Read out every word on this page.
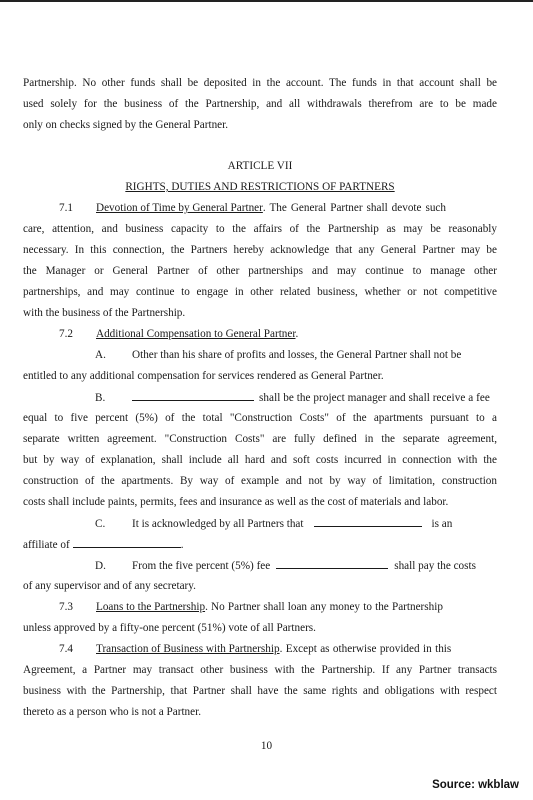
Partnership. No other funds shall be deposited in the account. The funds in that account shall be
used solely for the business of the Partnership, and all withdrawals therefrom are to be made
only on checks signed by the General Partner.
ARTICLE VII
RIGHTS, DUTIES AND RESTRICTIONS OF PARTNERS
7.1 Devotion of Time by General Partner. The General Partner shall devote such
care, attention, and business capacity to the affairs of the Partnership as may be reasonably
necessary. In this connection, the Partners hereby acknowledge that any General Partner may be
the Manager or General Partner of other partnerships and may continue to manage other
partnerships, and may continue to engage in other related business, whether or not competitive
with the business of the Partnership.
7.2 Additional Compensation to General Partner.
A. Other than his share of profits and losses, the General Partner shall not be
entitled to any additional compensation for services rendered as General Partner.
B.	shall be the project manager and shall receive a fee
equal to five percent (5%) of the total "Construction Costs" of the apartments pursuant to a
separate written agreement. "Construction Costs" are fully defined in the separate agreement,
but by way of explanation, shall include all hard and soft costs incurred in connection with the
construction of the apartments. By way of example and not by way of limitation, construction
costs shall include paints, permits, fees and insurance as well as the cost of materials and labor.
C. It is acknowledged by all Partners that	is an
affiliate of	.
D. From the five percent (5%) fee	shall pay the costs
of any supervisor and of any secretary.
7.3 Loans to the Partnership. No Partner shall loan any money to the Partnership
unless approved by a fifty-one percent (51%) vote of all Partners.
7.4 Transaction of Business with Partnership. Except as otherwise provided in this
Agreement, a Partner may transact other business with the Partnership. If any Partner transacts
business with the Partnership, that Partner shall have the same rights and obligations with respect
thereto as a person who is not a Partner.
10
Source: wkblaw
